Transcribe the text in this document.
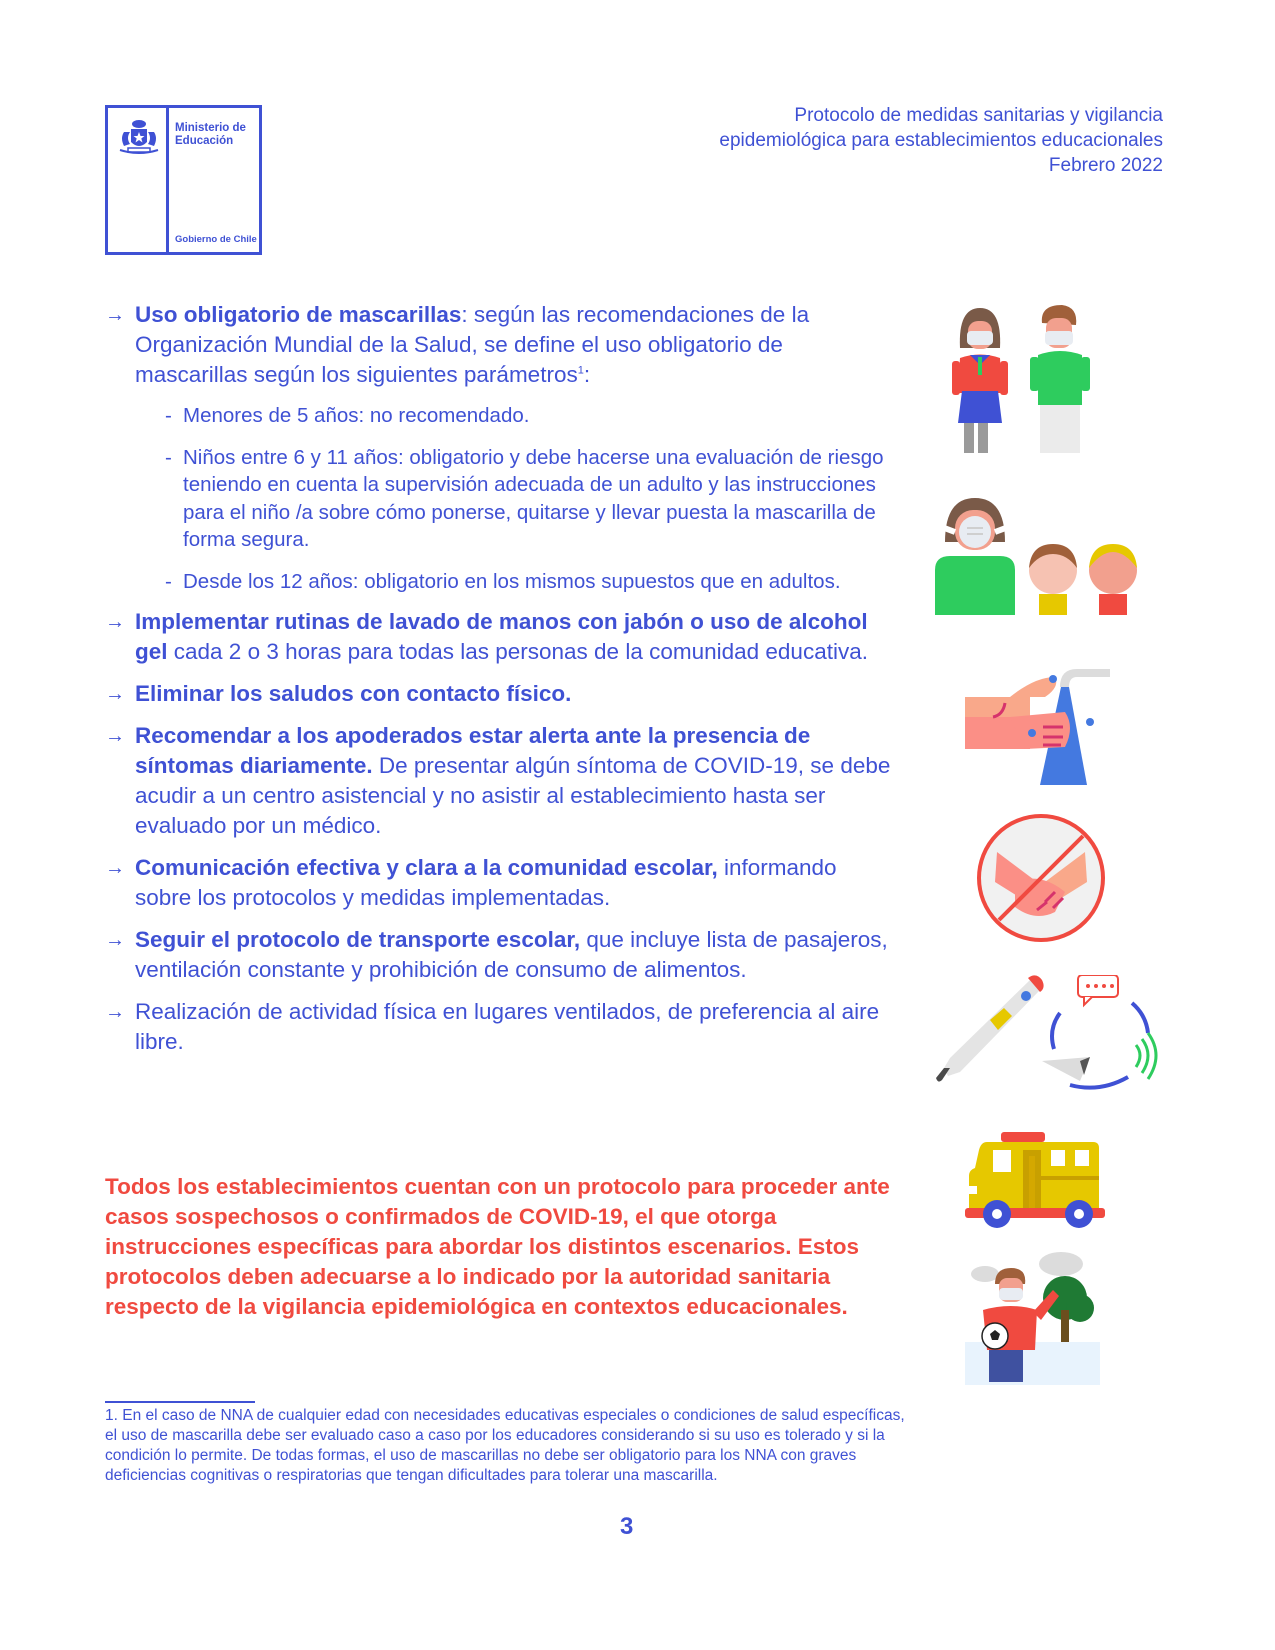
Ministerio de
Educación
Gobierno de Chile
Protocolo de medidas sanitarias y vigilancia
epidemiológica para establecimientos educacionales
Febrero 2022
→ Uso obligatorio de mascarillas: según las recomendaciones de la Organización Mundial de la Salud, se define el uso obligatorio de mascarillas según los siguientes parámetros$^1$:
- Menores de 5 años: no recomendado.
- Niños entre 6 y 11 años: obligatorio y debe hacerse una evaluación de riesgo teniendo en cuenta la supervisión adecuada de un adulto y las instrucciones para el niño /a sobre cómo ponerse, quitarse y llevar puesta la mascarilla de forma segura.
- Desde los 12 años: obligatorio en los mismos supuestos que en adultos.
→ Implementar rutinas de lavado de manos con jabón o uso de alcohol gel cada 2 o 3 horas para todas las personas de la comunidad educativa.
→ Eliminar los saludos con contacto físico.
→ Recomendar a los apoderados estar alerta ante la presencia de síntomas diariamente. De presentar algún síntoma de COVID-19, se debe acudir a un centro asistencial y no asistir al establecimiento hasta ser evaluado por un médico.
→ Comunicación efectiva y clara a la comunidad escolar, informando sobre los protocolos y medidas implementadas.
→ Seguir el protocolo de transporte escolar, que incluye lista de pasajeros, ventilación constante y prohibición de consumo de alimentos.
→ Realización de actividad física en lugares ventilados, de preferencia al aire libre.
Todos los establecimientos cuentan con un protocolo para proceder ante casos sospechosos o confirmados de COVID-19, el que otorga instrucciones específicas para abordar los distintos escenarios. Estos protocolos deben adecuarse a lo indicado por la autoridad sanitaria respecto de la vigilancia epidemiológica en contextos educacionales.
1. En el caso de NNA de cualquier edad con necesidades educativas especiales o condiciones de salud específicas, el uso de mascarilla debe ser evaluado caso a caso por los educadores considerando si su uso es tolerado y si la condición lo permite. De todas formas, el uso de mascarillas no debe ser obligatorio para los NNA con graves deficiencias cognitivas o respiratorias que tengan dificultades para tolerar una mascarilla.
3
